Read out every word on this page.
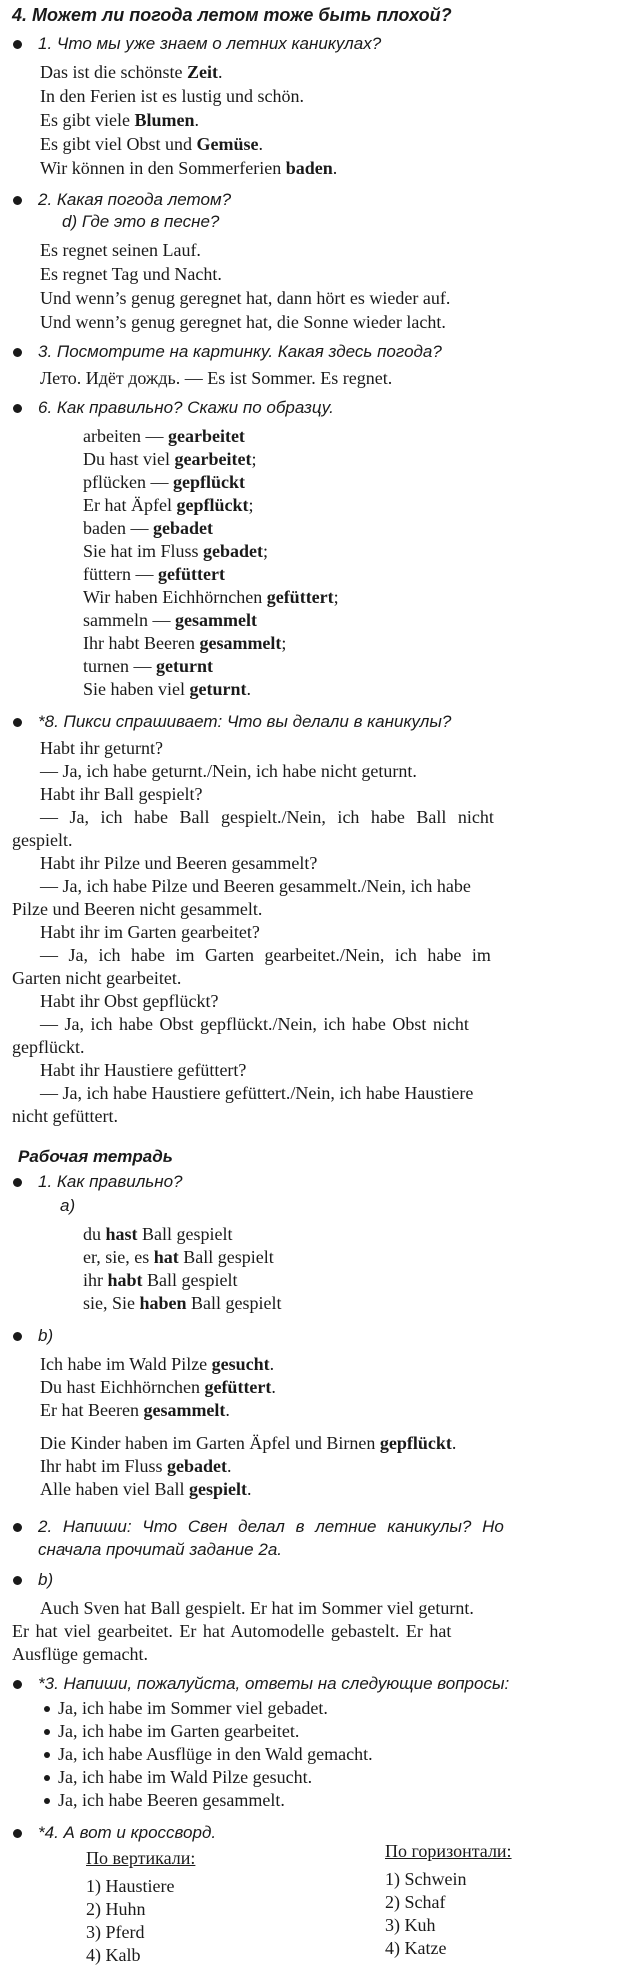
4. Может ли погода летом тоже быть плохой?
1. Что мы уже знаем о летних каникулах?
Das ist die schönste Zeit.
In den Ferien ist es lustig und schön.
Es gibt viele Blumen.
Es gibt viel Obst und Gemüse.
Wir können in den Sommerferien baden.
2. Какая погода летом?
d) Где это в песне?
Es regnet seinen Lauf.
Es regnet Tag und Nacht.
Und wenn’s genug geregnet hat, dann hört es wieder auf.
Und wenn’s genug geregnet hat, die Sonne wieder lacht.
3. Посмотрите на картинку. Какая здесь погода?
Лето. Идёт дождь. — Es ist Sommer. Es regnet.
6. Как правильно? Скажи по образцу.
arbeiten — gearbeitet
Du hast viel gearbeitet;
pflücken — gepflückt
Er hat Äpfel gepflückt;
baden — gebadet
Sie hat im Fluss gebadet;
füttern — gefüttert
Wir haben Eichhörnchen gefüttert;
sammeln — gesammelt
Ihr habt Beeren gesammelt;
turnen — geturnt
Sie haben viel geturnt.
*8. Пикси спрашивает: Что вы делали в каникулы?
Habt ihr geturnt?
— Ja, ich habe geturnt./Nein, ich habe nicht geturnt.
Habt ihr Ball gespielt?
— Ja, ich habe Ball gespielt./Nein, ich habe Ball nicht
gespielt.
Habt ihr Pilze und Beeren gesammelt?
— Ja, ich habe Pilze und Beeren gesammelt./Nein, ich habe
Pilze und Beeren nicht gesammelt.
Habt ihr im Garten gearbeitet?
— Ja, ich habe im Garten gearbeitet./Nein, ich habe im
Garten nicht gearbeitet.
Habt ihr Obst gepflückt?
— Ja, ich habe Obst gepflückt./Nein, ich habe Obst nicht
gepflückt.
Habt ihr Haustiere gefüttert?
— Ja, ich habe Haustiere gefüttert./Nein, ich habe Haustiere
nicht gefüttert.
Рабочая тетрадь
1. Как правильно?
а)
du hast Ball gespielt
er, sie, es hat Ball gespielt
ihr habt Ball gespielt
sie, Sie haben Ball gespielt
b)
Ich habe im Wald Pilze gesucht.
Du hast Eichhörnchen gefüttert.
Er hat Beeren gesammelt.
Die Kinder haben im Garten Äpfel und Birnen gepflückt.
Ihr habt im Fluss gebadet.
Alle haben viel Ball gespielt.
2. Напиши: Что Свен делал в летние каникулы? Но
сначала прочитай задание 2а.
b)
Auch Sven hat Ball gespielt. Er hat im Sommer viel geturnt.
Er hat viel gearbeitet. Er hat Automodelle gebastelt. Er hat
Ausflüge gemacht.
*3. Напиши, пожалуйста, ответы на следующие вопросы:
Ja, ich habe im Sommer viel gebadet.
Ja, ich habe im Garten gearbeitet.
Ja, ich habe Ausflüge in den Wald gemacht.
Ja, ich habe im Wald Pilze gesucht.
Ja, ich habe Beeren gesammelt.
*4. А вот и кроссворд.
По вертикали:
1) Haustiere
2) Huhn
3) Pferd
4) Kalb
По горизонтали:
1) Schwein
2) Schaf
3) Kuh
4) Katze
